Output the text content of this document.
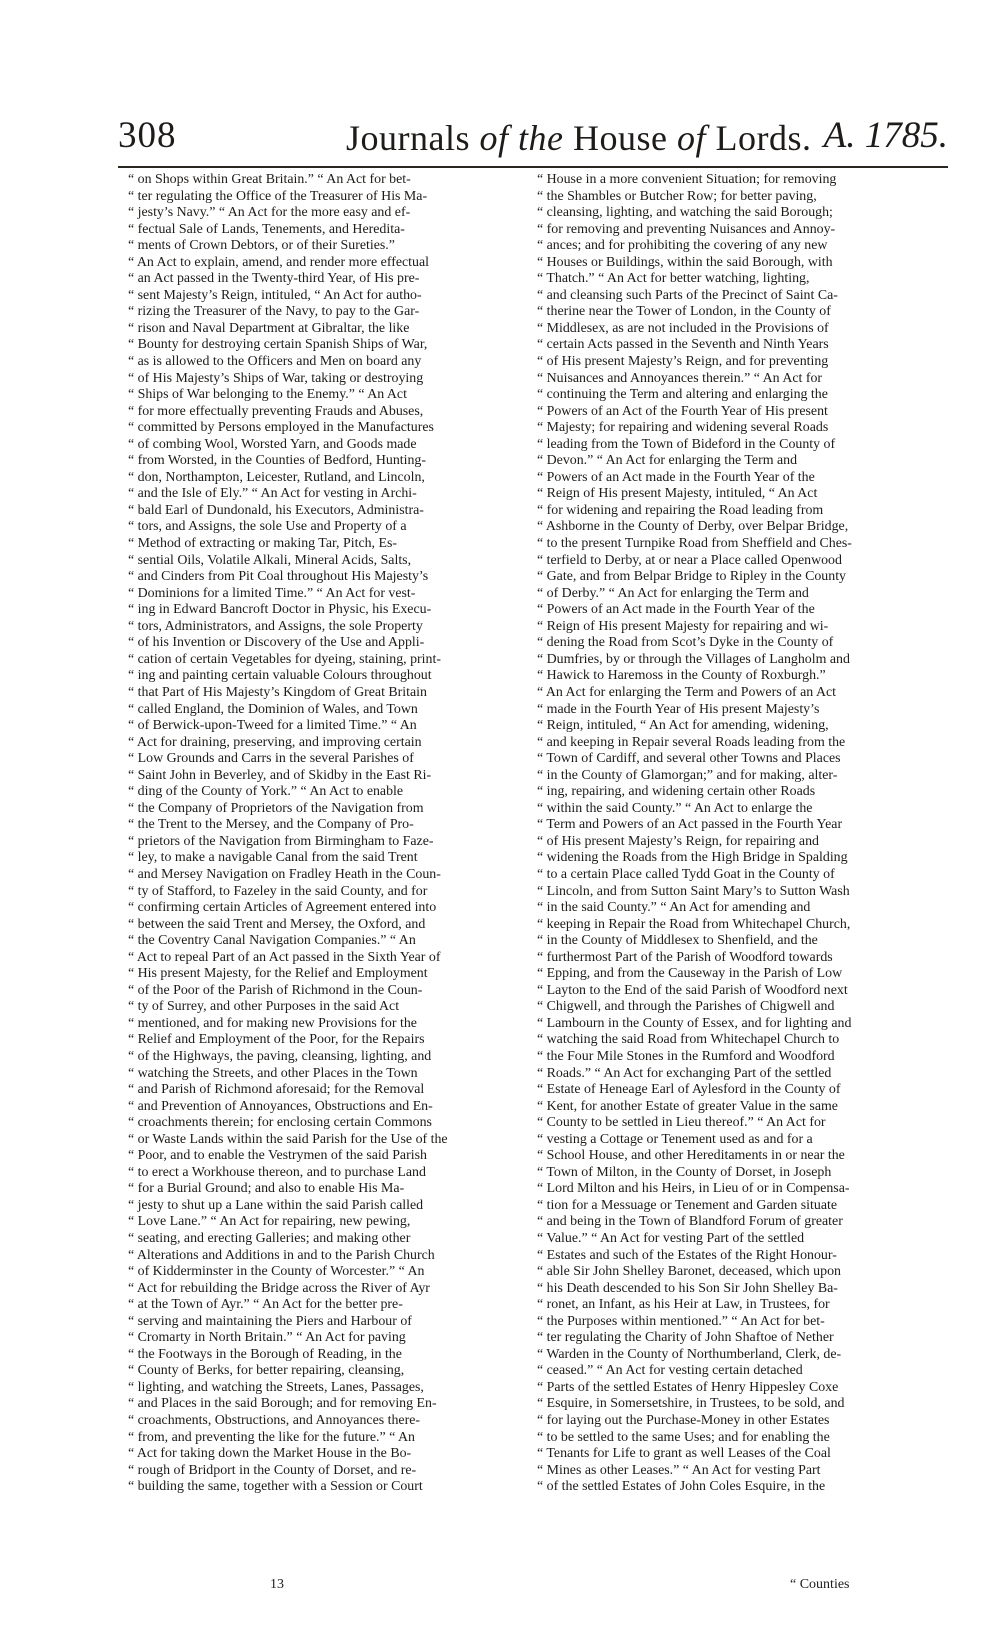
308	Journals of the House of Lords. A. 1785.
“ on Shops within Great Britain.” “ An Act for bet-
“ ter regulating the Office of the Treasurer of His Ma-
“ jesty’s Navy.” “ An Act for the more easy and ef-
“ fectual Sale of Lands, Tenements, and Heredita-
“ ments of Crown Debtors, or of their Sureties.”
“ An Act to explain, amend, and render more effectual
“ an Act passed in the Twenty-third Year, of His pre-
“ sent Majesty’s Reign, intituled, “ An Act for autho-
“ rizing the Treasurer of the Navy, to pay to the Gar-
“ rison and Naval Department at Gibraltar, the like
“ Bounty for destroying certain Spanish Ships of War,
“ as is allowed to the Officers and Men on board any
“ of His Majesty’s Ships of War, taking or destroying
“ Ships of War belonging to the Enemy.” “ An Act
“ for more effectually preventing Frauds and Abuses,
“ committed by Persons employed in the Manufactures
“ of combing Wool, Worsted Yarn, and Goods made
“ from Worsted, in the Counties of Bedford, Hunting-
“ don, Northampton, Leicester, Rutland, and Lincoln,
“ and the Isle of Ely.” “ An Act for vesting in Archi-
“ bald Earl of Dundonald, his Executors, Administra-
“ tors, and Assigns, the sole Use and Property of a
“ Method of extracting or making Tar, Pitch, Es-
“ sential Oils, Volatile Alkali, Mineral Acids, Salts,
“ and Cinders from Pit Coal throughout His Majesty’s
“ Dominions for a limited Time.” “ An Act for vest-
“ ing in Edward Bancroft Doctor in Physic, his Execu-
“ tors, Administrators, and Assigns, the sole Property
“ of his Invention or Discovery of the Use and Appli-
“ cation of certain Vegetables for dyeing, staining, print-
“ ing and painting certain valuable Colours throughout
“ that Part of His Majesty’s Kingdom of Great Britain
“ called England, the Dominion of Wales, and Town
“ of Berwick-upon-Tweed for a limited Time.” “ An
“ Act for draining, preserving, and improving certain
“ Low Grounds and Carrs in the several Parishes of
“ Saint John in Beverley, and of Skidby in the East Ri-
“ ding of the County of York.” “ An Act to enable
“ the Company of Proprietors of the Navigation from
“ the Trent to the Mersey, and the Company of Pro-
“ prietors of the Navigation from Birmingham to Faze-
“ ley, to make a navigable Canal from the said Trent
“ and Mersey Navigation on Fradley Heath in the Coun-
“ ty of Stafford, to Fazeley in the said County, and for
“ confirming certain Articles of Agreement entered into
“ between the said Trent and Mersey, the Oxford, and
“ the Coventry Canal Navigation Companies.” “ An
“ Act to repeal Part of an Act passed in the Sixth Year of
“ His present Majesty, for the Relief and Employment
“ of the Poor of the Parish of Richmond in the Coun-
“ ty of Surrey, and other Purposes in the said Act
“ mentioned, and for making new Provisions for the
“ Relief and Employment of the Poor, for the Repairs
“ of the Highways, the paving, cleansing, lighting, and
“ watching the Streets, and other Places in the Town
“ and Parish of Richmond aforesaid; for the Removal
“ and Prevention of Annoyances, Obstructions and En-
“ croachments therein; for enclosing certain Commons
“ or Waste Lands within the said Parish for the Use of the
“ Poor, and to enable the Vestrymen of the said Parish
“ to erect a Workhouse thereon, and to purchase Land
“ for a Burial Ground; and also to enable His Ma-
“ jesty to shut up a Lane within the said Parish called
“ Love Lane.” “ An Act for repairing, new pewing,
“ seating, and erecting Galleries; and making other
“ Alterations and Additions in and to the Parish Church
“ of Kidderminster in the County of Worcester.” “ An
“ Act for rebuilding the Bridge across the River of Ayr
“ at the Town of Ayr.” “ An Act for the better pre-
“ serving and maintaining the Piers and Harbour of
“ Cromarty in North Britain.” “ An Act for paving
“ the Footways in the Borough of Reading, in the
“ County of Berks, for better repairing, cleansing,
“ lighting, and watching the Streets, Lanes, Passages,
“ and Places in the said Borough; and for removing En-
“ croachments, Obstructions, and Annoyances there-
“ from, and preventing the like for the future.” “ An
“ Act for taking down the Market House in the Bo-
“ rough of Bridport in the County of Dorset, and re-
“ building the same, together with a Session or Court
“ House in a more convenient Situation; for removing
“ the Shambles or Butcher Row; for better paving,
“ cleansing, lighting, and watching the said Borough;
“ for removing and preventing Nuisances and Annoy-
“ ances; and for prohibiting the covering of any new
“ Houses or Buildings, within the said Borough, with
“ Thatch.” “ An Act for better watching, lighting,
“ and cleansing such Parts of the Precinct of Saint Ca-
“ therine near the Tower of London, in the County of
“ Middlesex, as are not included in the Provisions of
“ certain Acts passed in the Seventh and Ninth Years
“ of His present Majesty’s Reign, and for preventing
“ Nuisances and Annoyances therein.” “ An Act for
“ continuing the Term and altering and enlarging the
“ Powers of an Act of the Fourth Year of His present
“ Majesty; for repairing and widening several Roads
“ leading from the Town of Bideford in the County of
“ Devon.” “ An Act for enlarging the Term and
“ Powers of an Act made in the Fourth Year of the
“ Reign of His present Majesty, intituled, “ An Act
“ for widening and repairing the Road leading from
“ Ashborne in the County of Derby, over Belpar Bridge,
“ to the present Turnpike Road from Sheffield and Ches-
“ terfield to Derby, at or near a Place called Openwood
“ Gate, and from Belpar Bridge to Ripley in the County
“ of Derby.” “ An Act for enlarging the Term and
“ Powers of an Act made in the Fourth Year of the
“ Reign of His present Majesty for repairing and wi-
“ dening the Road from Scot’s Dyke in the County of
“ Dumfries, by or through the Villages of Langholm and
“ Hawick to Haremoss in the County of Roxburgh.”
“ An Act for enlarging the Term and Powers of an Act
“ made in the Fourth Year of His present Majesty’s
“ Reign, intituled, “ An Act for amending, widening,
“ and keeping in Repair several Roads leading from the
“ Town of Cardiff, and several other Towns and Places
“ in the County of Glamorgan;” and for making, alter-
“ ing, repairing, and widening certain other Roads
“ within the said County.” “ An Act to enlarge the
“ Term and Powers of an Act passed in the Fourth Year
“ of His present Majesty’s Reign, for repairing and
“ widening the Roads from the High Bridge in Spalding
“ to a certain Place called Tydd Goat in the County of
“ Lincoln, and from Sutton Saint Mary’s to Sutton Wash
“ in the said County.” “ An Act for amending and
“ keeping in Repair the Road from Whitechapel Church,
“ in the County of Middlesex to Shenfield, and the
“ furthermost Part of the Parish of Woodford towards
“ Epping, and from the Causeway in the Parish of Low
“ Layton to the End of the said Parish of Woodford next
“ Chigwell, and through the Parishes of Chigwell and
“ Lambourn in the County of Essex, and for lighting and
“ watching the said Road from Whitechapel Church to
“ the Four Mile Stones in the Rumford and Woodford
“ Roads.” “ An Act for exchanging Part of the settled
“ Estate of Heneage Earl of Aylesford in the County of
“ Kent, for another Estate of greater Value in the same
“ County to be settled in Lieu thereof.” “ An Act for
“ vesting a Cottage or Tenement used as and for a
“ School House, and other Hereditaments in or near the
“ Town of Milton, in the County of Dorset, in Joseph
“ Lord Milton and his Heirs, in Lieu of or in Compensa-
“ tion for a Messuage or Tenement and Garden situate
“ and being in the Town of Blandford Forum of greater
“ Value.” “ An Act for vesting Part of the settled
“ Estates and such of the Estates of the Right Honour-
“ able Sir John Shelley Baronet, deceased, which upon
“ his Death descended to his Son Sir John Shelley Ba-
“ ronet, an Infant, as his Heir at Law, in Trustees, for
“ the Purposes within mentioned.” “ An Act for bet-
“ ter regulating the Charity of John Shaftoe of Nether
“ Warden in the County of Northumberland, Clerk, de-
“ ceased.” “ An Act for vesting certain detached
“ Parts of the settled Estates of Henry Hippesley Coxe
“ Esquire, in Somersetshire, in Trustees, to be sold, and
“ for laying out the Purchase-Money in other Estates
“ to be settled to the same Uses; and for enabling the
“ Tenants for Life to grant as well Leases of the Coal
“ Mines as other Leases.” “ An Act for vesting Part
“ of the settled Estates of John Coles Esquire, in the
13	“ Counties
